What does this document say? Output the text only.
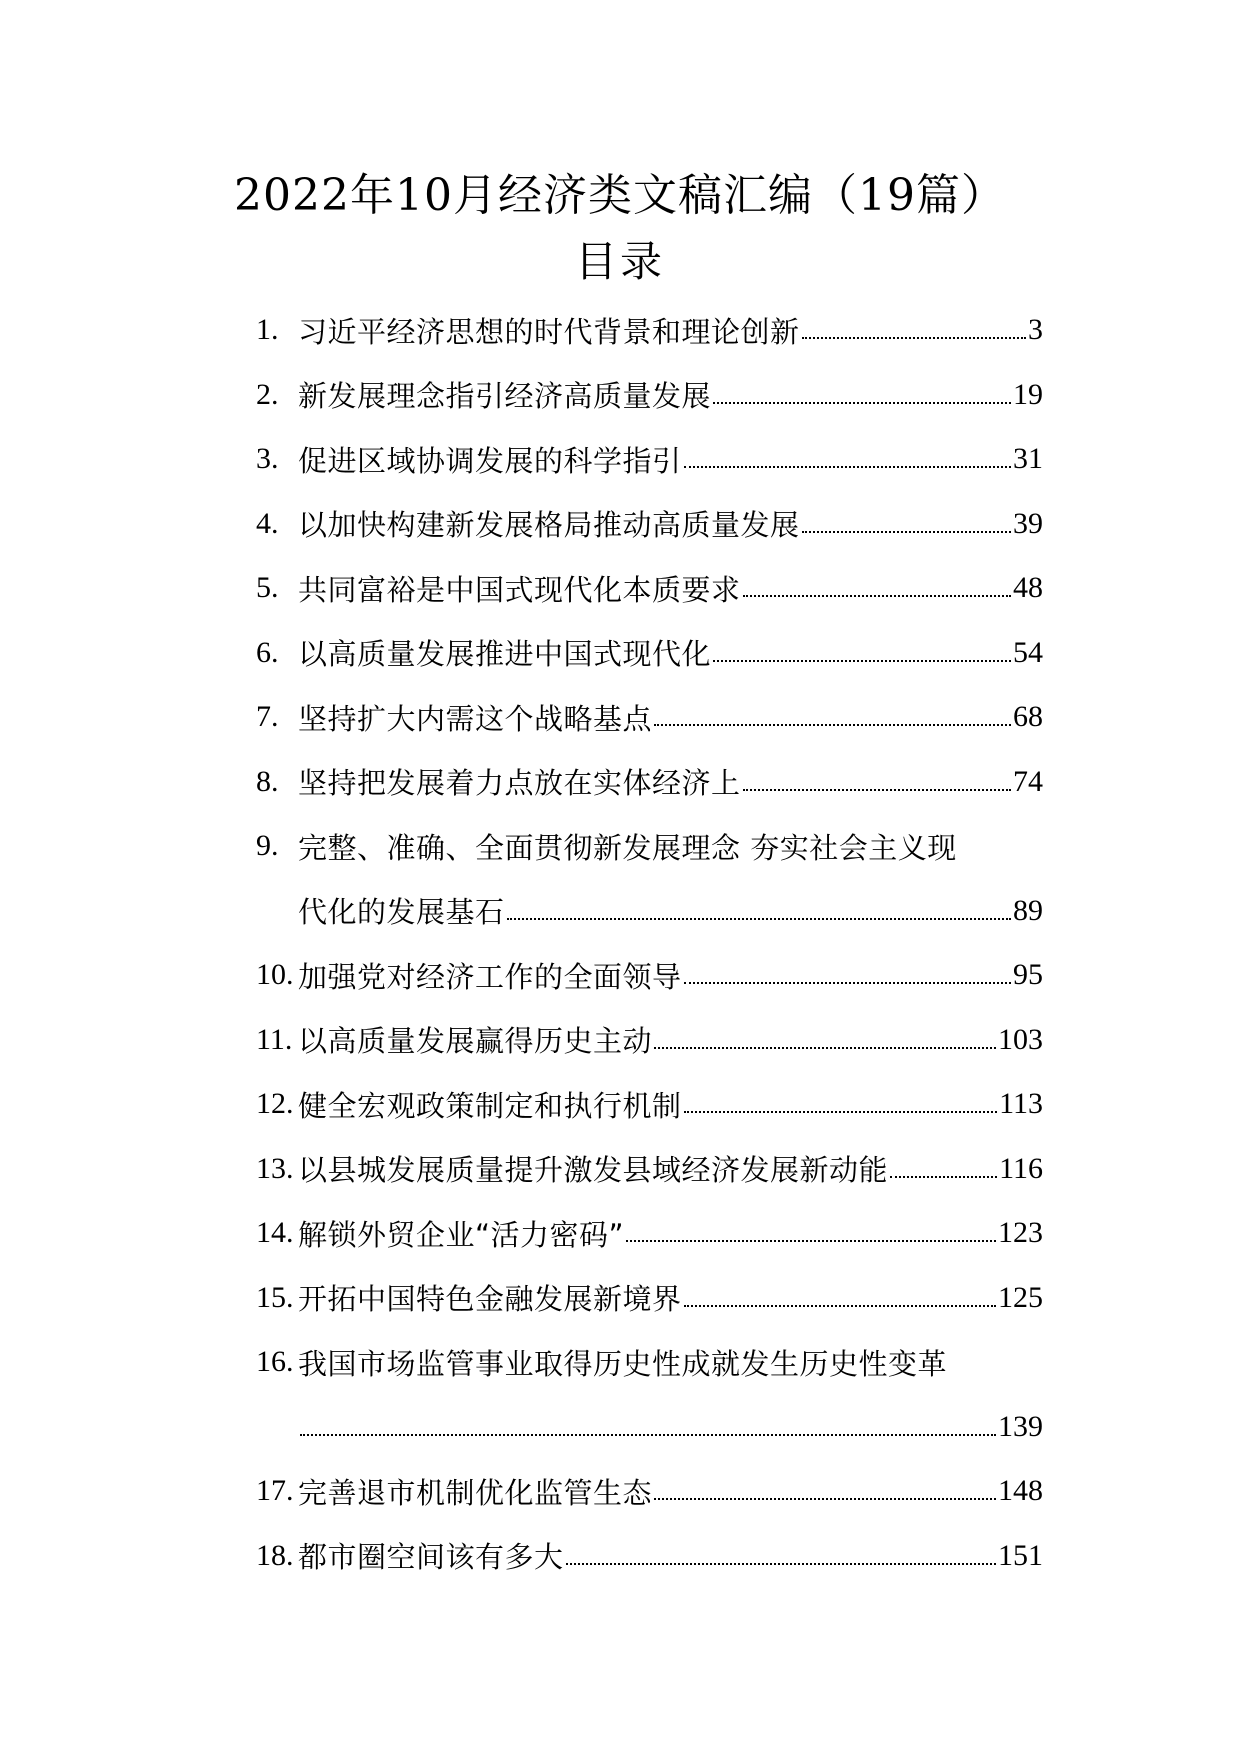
2022年10月经济类文稿汇编（19篇）
目录
1. 习近平经济思想的时代背景和理论创新	3
2. 新发展理念指引经济高质量发展	19
3. 促进区域协调发展的科学指引	31
4. 以加快构建新发展格局推动高质量发展	39
5. 共同富裕是中国式现代化本质要求	48
6. 以高质量发展推进中国式现代化	54
7. 坚持扩大内需这个战略基点	68
8. 坚持把发展着力点放在实体经济上	74
9. 完整、准确、全面贯彻新发展理念 夯实社会主义现
代化的发展基石	89
10. 加强党对经济工作的全面领导	95
11. 以高质量发展赢得历史主动	103
12. 健全宏观政策制定和执行机制	113
13. 以县城发展质量提升激发县域经济发展新动能	116
14. 解锁外贸企业“活力密码”	123
15. 开拓中国特色金融发展新境界	125
16. 我国市场监管事业取得历史性成就发生历史性变革
139
17. 完善退市机制优化监管生态	148
18. 都市圈空间该有多大	151
